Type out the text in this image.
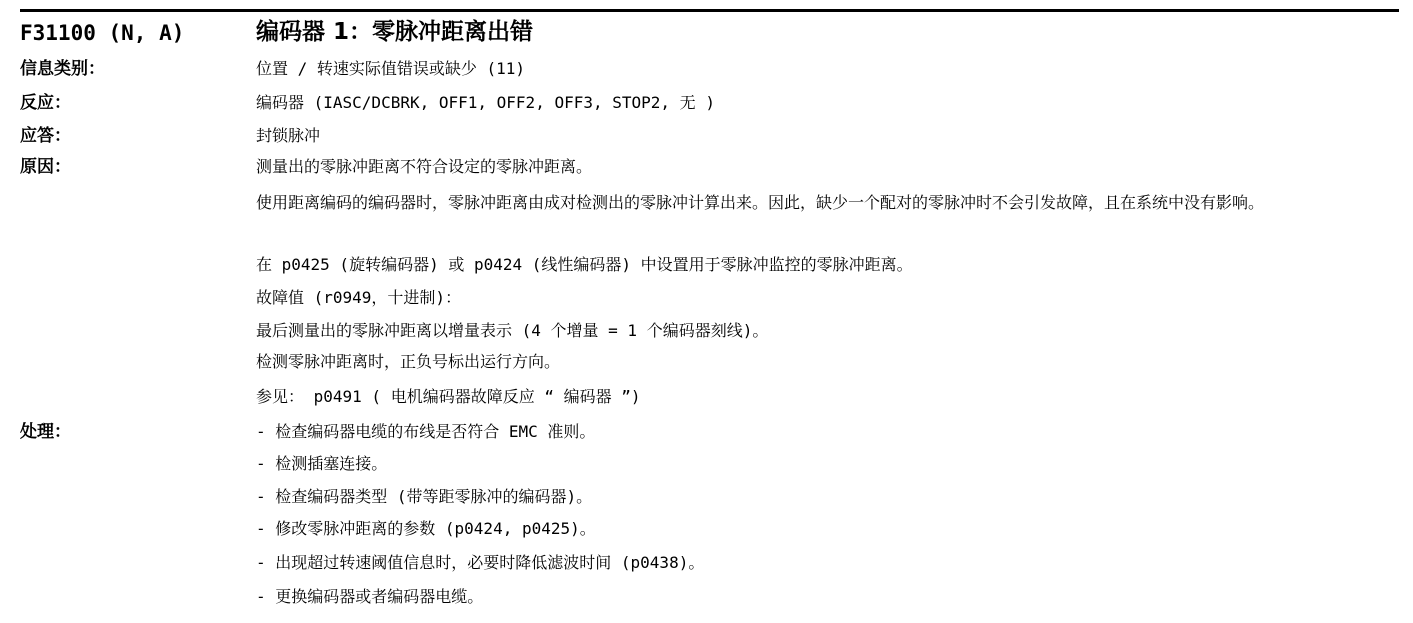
F31100 (N, A)	编码器 1：零脉冲距离出错
信息类别：	位置 / 转速实际值错误或缺少 (11)
反应：	编码器 (IASC/DCBRK, OFF1, OFF2, OFF3, STOP2, 无 )
应答：	封锁脉冲
原因：	测量出的零脉冲距离不符合设定的零脉冲距离。
使用距离编码的编码器时，零脉冲距离由成对检测出的零脉冲计算出来。因此，缺少一个配对的零脉冲时不会引发故障，且在系统中没有影响。
在 p0425 (旋转编码器) 或 p0424 (线性编码器) 中设置用于零脉冲监控的零脉冲距离。
故障值 (r0949，十进制)：
最后测量出的零脉冲距离以增量表示 (4 个增量 = 1 个编码器刻线)。
检测零脉冲距离时，正负号标出运行方向。
参见： p0491 ( 电机编码器故障反应 “ 编码器 ”)
处理：	- 检查编码器电缆的布线是否符合 EMC 准则。
- 检测插塞连接。
- 检查编码器类型 (带等距零脉冲的编码器)。
- 修改零脉冲距离的参数 (p0424, p0425)。
- 出现超过转速阈值信息时，必要时降低滤波时间 (p0438)。
- 更换编码器或者编码器电缆。
